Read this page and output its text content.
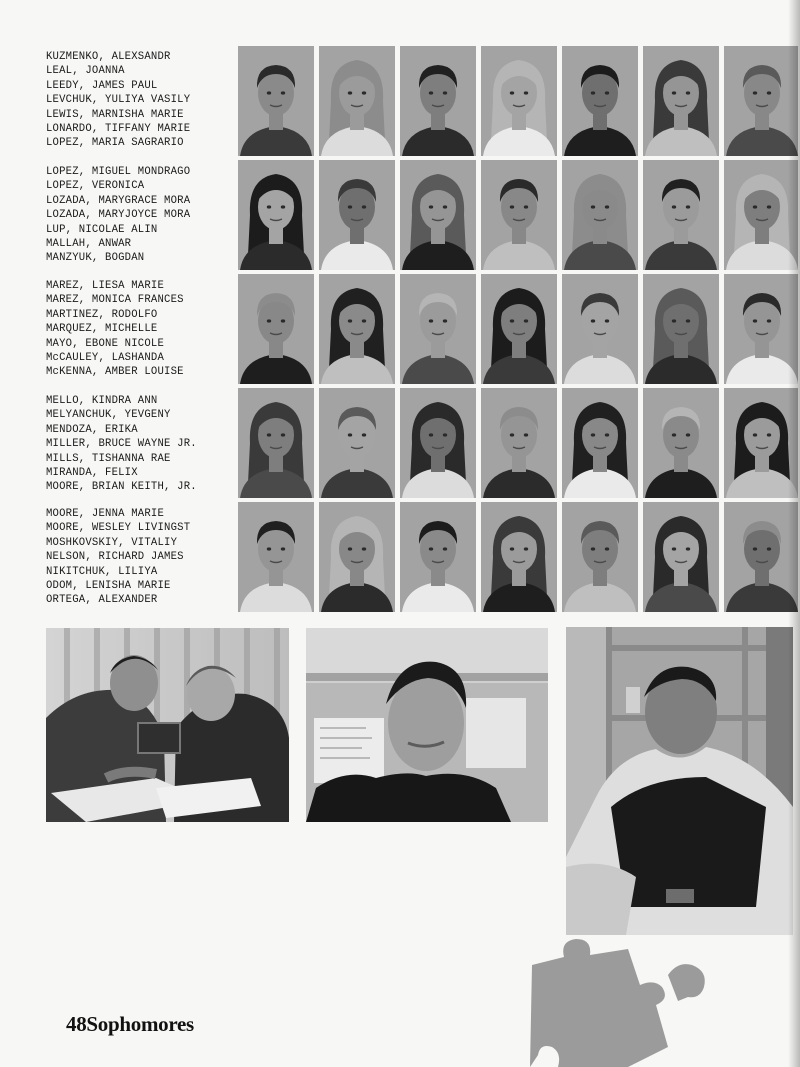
KUZMENKO, ALEXSANDR
LEAL, JOANNA
LEEDY, JAMES PAUL
LEVCHUK, YULIYA VASILY
LEWIS, MARNISHA MARIE
LONARDO, TIFFANY MARIE
LOPEZ, MARIA SAGRARIO
LOPEZ, MIGUEL MONDRAGO
LOPEZ, VERONICA
LOZADA, MARYGRACE MORA
LOZADA, MARYJOYCE MORA
LUP, NICOLAE ALIN
MALLAH, ANWAR
MANZYUK, BOGDAN
MAREZ, LIESA MARIE
MAREZ, MONICA FRANCES
MARTINEZ, RODOLFO
MARQUEZ, MICHELLE
MAYO, EBONE NICOLE
McCAULEY, LASHANDA
McKENNA, AMBER LOUISE
MELLO, KINDRA ANN
MELYANCHUK, YEVGENY
MENDOZA, ERIKA
MILLER, BRUCE WAYNE JR.
MILLS, TISHANNA RAE
MIRANDA, FELIX
MOORE, BRIAN KEITH, JR.
MOORE, JENNA MARIE
MOORE, WESLEY LIVINGST
MOSHKOVSKIY, VITALIY
NELSON, RICHARD JAMES
NIKITCHUK, LILIYA
ODOM, LENISHA MARIE
ORTEGA, ALEXANDER
48Sophomores
